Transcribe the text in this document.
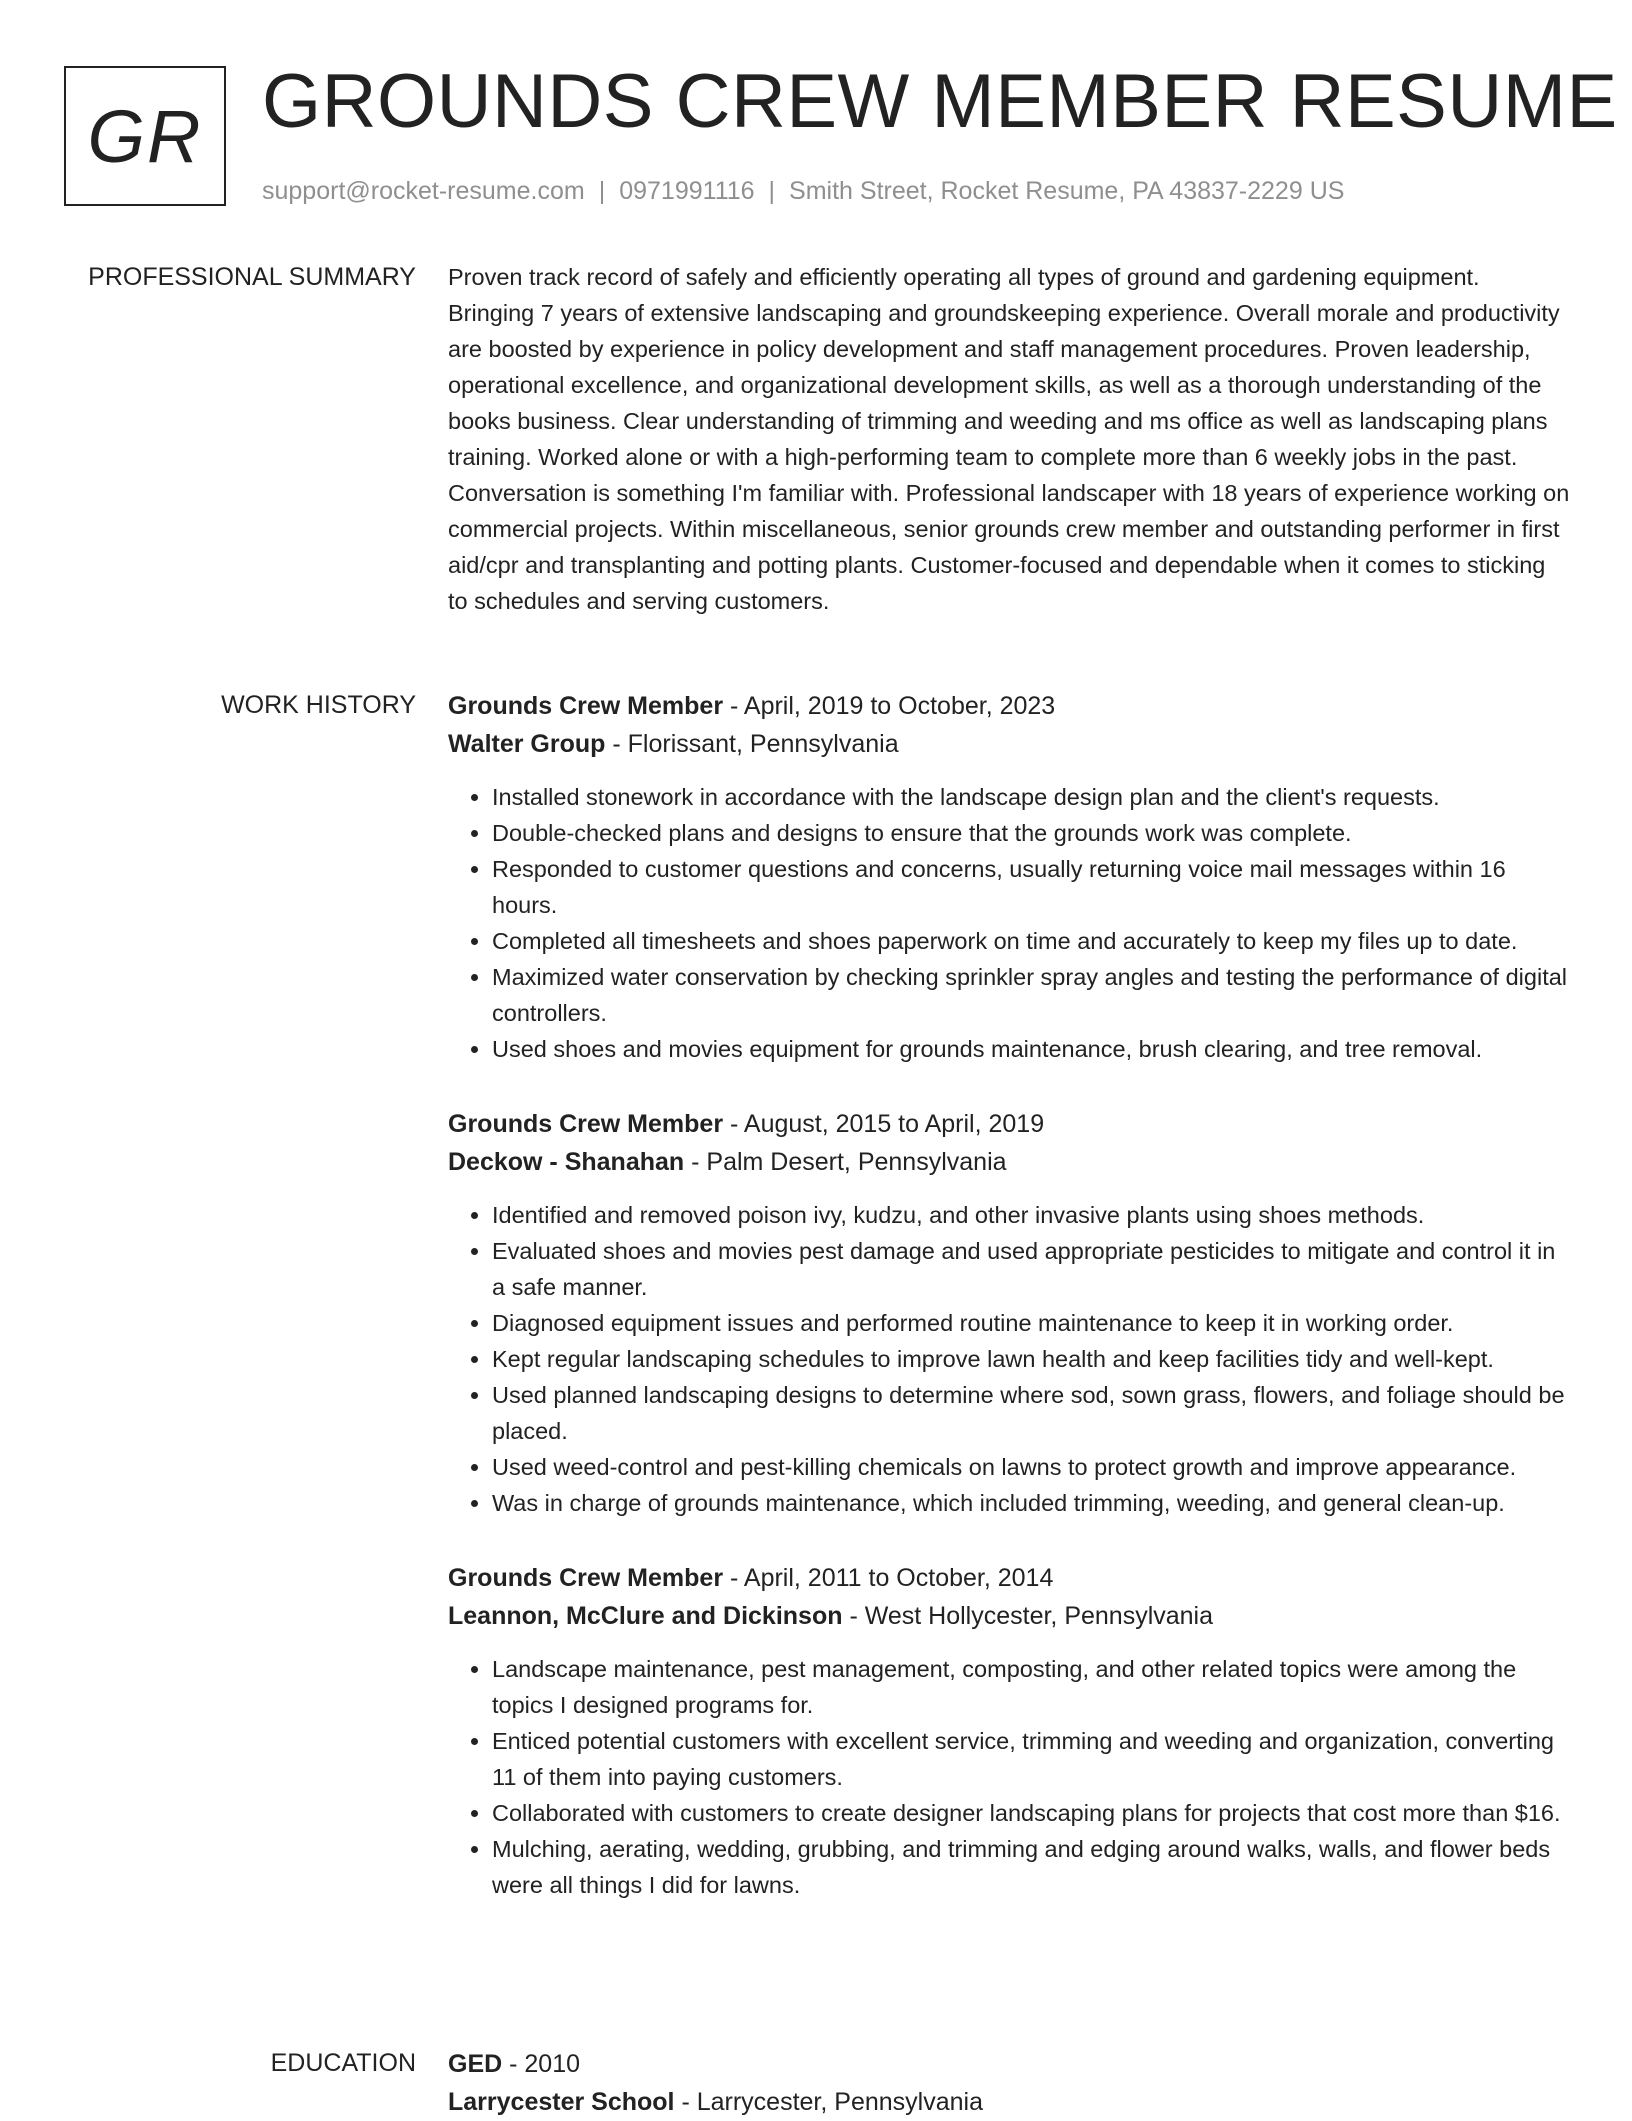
GR GROUNDS CREW MEMBER RESUME
support@rocket-resume.com | 0971991116 | Smith Street, Rocket Resume, PA 43837-2229 US
PROFESSIONAL SUMMARY Proven track record of safely and efficiently operating all types of ground and gardening equipment. Bringing 7 years of extensive landscaping and groundskeeping experience. Overall morale and productivity are boosted by experience in policy development and staff management procedures. Proven leadership, operational excellence, and organizational development skills, as well as a thorough understanding of the books business. Clear understanding of trimming and weeding and ms office as well as landscaping plans training. Worked alone or with a high-performing team to complete more than 6 weekly jobs in the past. Conversation is something I'm familiar with. Professional landscaper with 18 years of experience working on commercial projects. Within miscellaneous, senior grounds crew member and outstanding performer in first aid/cpr and transplanting and potting plants. Customer-focused and dependable when it comes to sticking to schedules and serving customers.

WORK HISTORY Grounds Crew Member - April, 2019 to October, 2023
Walter Group - Florissant, Pennsylvania
• Installed stonework in accordance with the landscape design plan and the client's requests.
• Double-checked plans and designs to ensure that the grounds work was complete.
• Responded to customer questions and concerns, usually returning voice mail messages within 16 hours.
• Completed all timesheets and shoes paperwork on time and accurately to keep my files up to date.
• Maximized water conservation by checking sprinkler spray angles and testing the performance of digital controllers.
• Used shoes and movies equipment for grounds maintenance, brush clearing, and tree removal.
Grounds Crew Member - August, 2015 to April, 2019
Deckow - Shanahan - Palm Desert, Pennsylvania
• Identified and removed poison ivy, kudzu, and other invasive plants using shoes methods.
• Evaluated shoes and movies pest damage and used appropriate pesticides to mitigate and control it in a safe manner.
• Diagnosed equipment issues and performed routine maintenance to keep it in working order.
• Kept regular landscaping schedules to improve lawn health and keep facilities tidy and well-kept.
• Used planned landscaping designs to determine where sod, sown grass, flowers, and foliage should be placed.
• Used weed-control and pest-killing chemicals on lawns to protect growth and improve appearance.
• Was in charge of grounds maintenance, which included trimming, weeding, and general clean-up.
Grounds Crew Member - April, 2011 to October, 2014
Leannon, McClure and Dickinson - West Hollycester, Pennsylvania
• Landscape maintenance, pest management, composting, and other related topics were among the topics I designed programs for.
• Enticed potential customers with excellent service, trimming and weeding and organization, converting 11 of them into paying customers.
• Collaborated with customers to create designer landscaping plans for projects that cost more than $16.
• Mulching, aerating, wedding, grubbing, and trimming and edging around walks, walls, and flower beds were all things I did for lawns.
EDUCATION GED - 2010
Larrycester School - Larrycester, Pennsylvania
